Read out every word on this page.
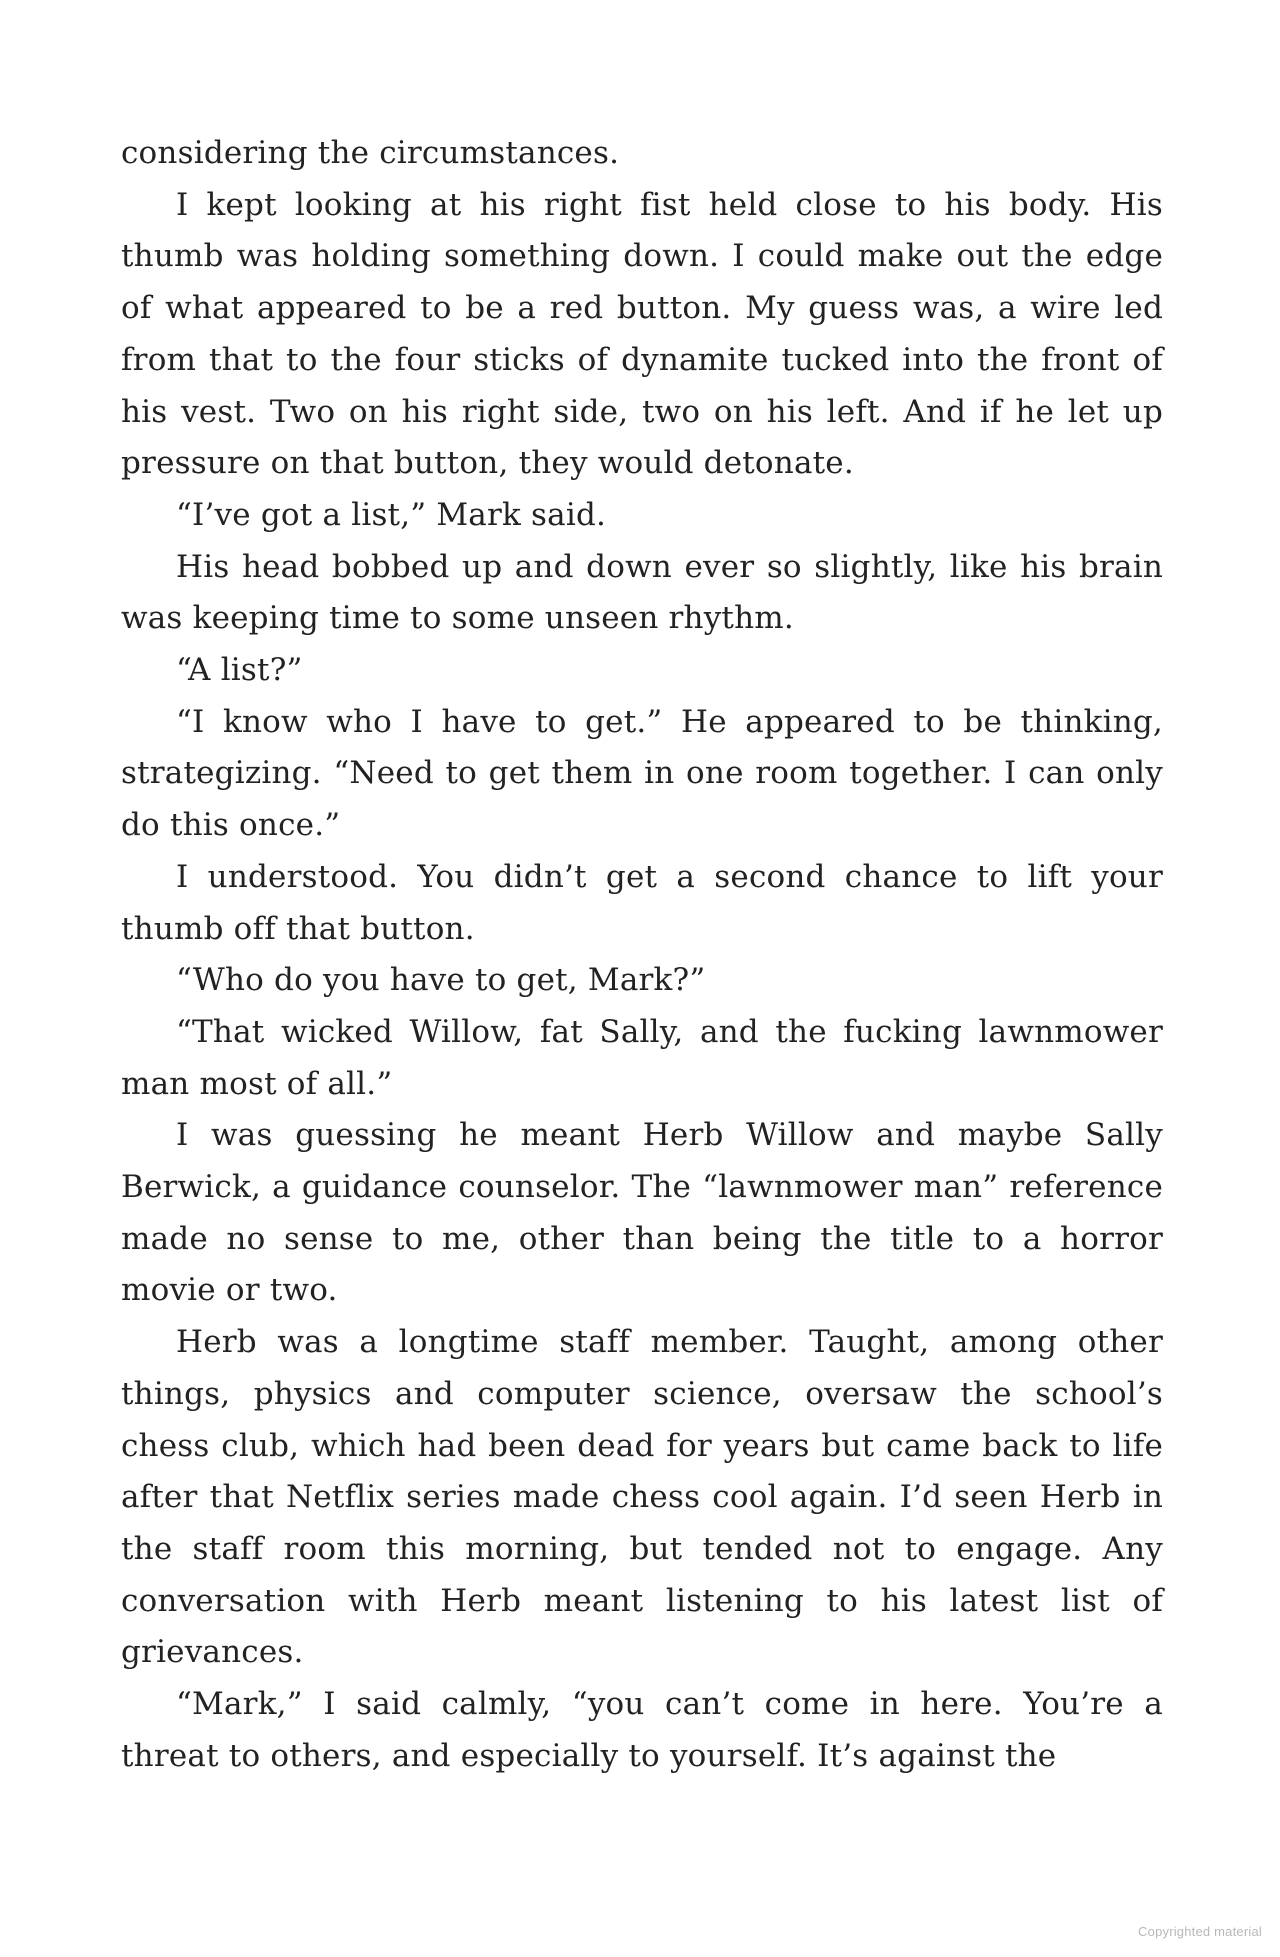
considering the circumstances.

I kept looking at his right fist held close to his body. His thumb was holding something down. I could make out the edge of what appeared to be a red button. My guess was, a wire led from that to the four sticks of dynamite tucked into the front of his vest. Two on his right side, two on his left. And if he let up pressure on that button, they would detonate.

“I’ve got a list,” Mark said.

His head bobbed up and down ever so slightly, like his brain was keeping time to some unseen rhythm.

“A list?”

“I know who I have to get.” He appeared to be thinking, strategizing. “Need to get them in one room together. I can only do this once.”

I understood. You didn’t get a second chance to lift your thumb off that button.

“Who do you have to get, Mark?”

“That wicked Willow, fat Sally, and the fucking lawnmower man most of all.”

I was guessing he meant Herb Willow and maybe Sally Berwick, a guidance counselor. The “lawnmower man” reference made no sense to me, other than being the title to a horror movie or two.

Herb was a longtime staff member. Taught, among other things, physics and computer science, oversaw the school’s chess club, which had been dead for years but came back to life after that Netflix series made chess cool again. I’d seen Herb in the staff room this morning, but tended not to engage. Any conversation with Herb meant listening to his latest list of grievances.

“Mark,” I said calmly, “you can’t come in here. You’re a threat to others, and especially to yourself. It’s against the

Copyrighted material
